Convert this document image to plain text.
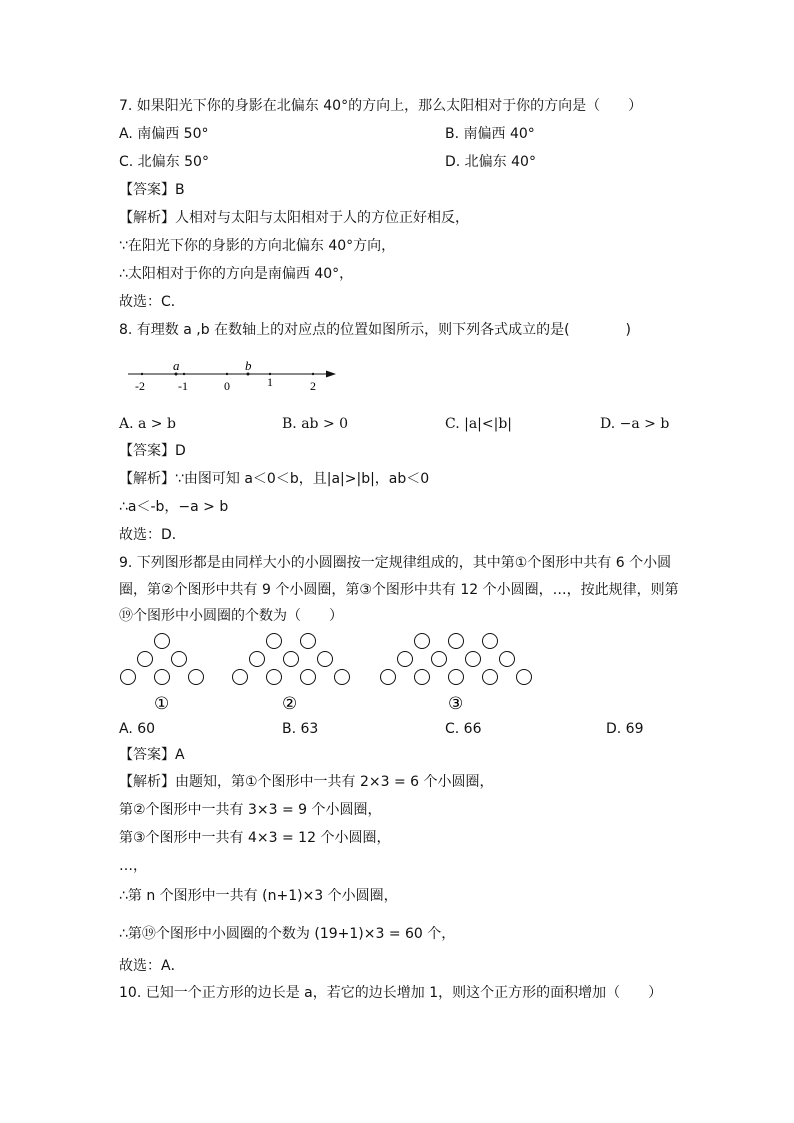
7. 如果阳光下你的身影在北偏东 40°的方向上，那么太阳相对于你的方向是（　　）
A. 南偏西 50°	B. 南偏西 40°
C. 北偏东 50°	D. 北偏东 40°
【答案】B
【解析】人相对与太阳与太阳相对于人的方位正好相反，
∵在阳光下你的身影的方向北偏东 40°方向，
∴太阳相对于你的方向是南偏西 40°，
故选：C．
8. 有理数 a ,b 在数轴上的对应点的位置如图所示，则下列各式成立的是(　　　　)
a	b
-2	-1	0	1	2
A. a > b	B. ab > 0	C. |a|<|b|	D. −a > b
【答案】D
【解析】∵由图可知 a＜0＜b，且|a|>|b|，ab＜0
∴a＜-b，−a > b
故选：D．
9. 下列图形都是由同样大小的小圆圈按一定规律组成的，其中第①个图形中共有 6 个小圆
圈，第②个图形中共有 9 个小圆圈，第③个图形中共有 12 个小圆圈，…，按此规律，则第
⑲个图形中小圆圈的个数为（　　）
①	②	③
A. 60	B. 63	C. 66	D. 69
【答案】A
【解析】由题知，第①个图形中一共有 2×3 = 6 个小圆圈，
第②个图形中一共有 3×3 = 9 个小圆圈，
第③个图形中一共有 4×3 = 12 个小圆圈，
…，
∴第 n 个图形中一共有 (n+1)×3 个小圆圈，
∴第⑲个图形中小圆圈的个数为 (19+1)×3 = 60 个，
故选：A．
10. 已知一个正方形的边长是 a，若它的边长增加 1，则这个正方形的面积增加（　　）
